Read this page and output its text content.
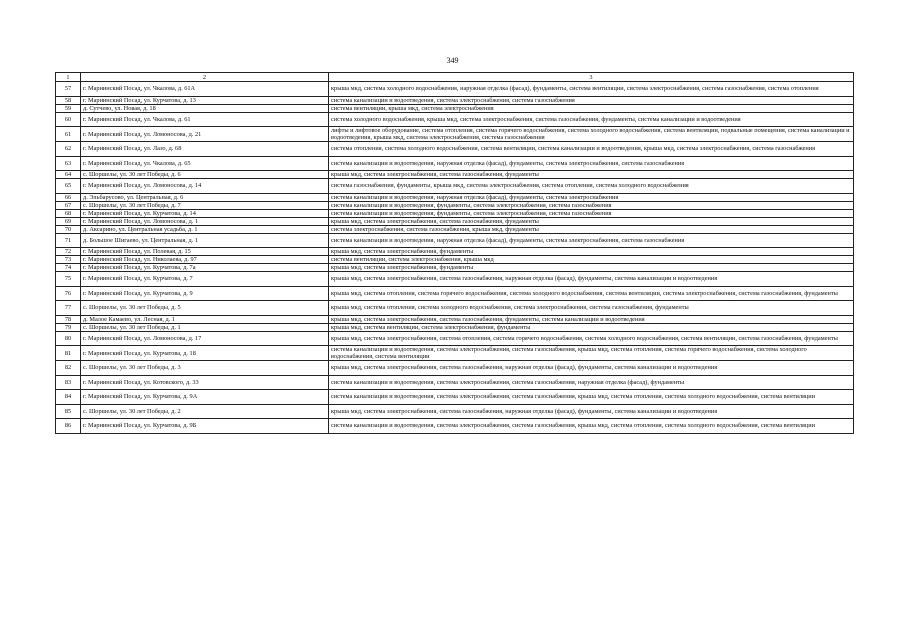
349
1	2	3
57	г. Мариинский Посад, ул. Чкалова, д. 61А	крыша мкд, система холодного водоснабжения, наружная отделка (фасад), фундаменты, система вентиляции, система электроснабжения, система газоснабжения, система отопления
58	г. Мариинский Посад, ул. Курчатова, д. 13	система канализации и водоотведения, система электроснабжения, система газоснабжения
59	д. Сутчево, ул. Новая, д. 18	система вентиляции, крыша мкд, система электроснабжения
60	г. Мариинский Посад, ул. Чкалова, д. 61	система холодного водоснабжения, крыша мкд, система электроснабжения, система газоснабжения, фундаменты, система канализации и водоотведения
61	г. Мариинский Посад, ул. Ломоносова, д. 21	лифты и лифтовое оборудование, система отопления, система горячего водоснабжения, система холодного водоснабжения, система вентиляции, подвальные помещения, система канализации и водоотведения, крыша мкд, система электроснабжения, система газоснабжения
62	г. Мариинский Посад, ул. Лазо, д. 68	система отопления, система холодного водоснабжения, система вентиляции, система канализации и водоотведения, крыша мкд, система электроснабжения, система газоснабжения
63	г. Мариинский Посад, ул. Чкалова, д. 65	система канализации и водоотведения, наружная отделка (фасад), фундаменты, система электроснабжения, система газоснабжения
64	с. Шоршелы, ул. 30 лет Победы, д. 6	крыша мкд, система электроснабжения, система газоснабжения, фундаменты
65	г. Мариинский Посад, ул. Ломоносова, д. 14	система газоснабжения, фундаменты, крыша мкд, система электроснабжения, система отопления, система холодного водоснабжения
66	д. Эльбарусово, ул. Центральная, д. 6	система канализации и водоотведения, наружная отделка (фасад), фундаменты, система электроснабжения
67	с. Шоршелы, ул. 30 лет Победы, д. 7	система канализации и водоотведения, фундаменты, система электроснабжения, система газоснабжения
68	г. Мариинский Посад, ул. Курчатова, д. 14	система канализации и водоотведения, фундаменты, система электроснабжения, система газоснабжения
69	г. Мариинский Посад, ул. Ломоносова, д. 1	крыша мкд, система электроснабжения, система газоснабжения, фундаменты
70	д. Аксарино, ул. Центральная усадьба, д. 1	система электроснабжения, система газоснабжения, крыша мкд, фундаменты
71	д. Большое Шигаево, ул. Центральная, д. 1	система канализации и водоотведения, наружная отделка (фасад), фундаменты, система электроснабжения, система газоснабжения
72	г. Мариинский Посад, ул. Полевая, д. 15	крыша мкд, система электроснабжения, фундаменты
73	г. Мариинский Посад, ул. Николаева, д. 97	система вентиляции, система электроснабжения, крыша мкд
74	г. Мариинский Посад, ул. Курчатова, д. 7а	крыша мкд, система электроснабжения, фундаменты
75	г. Мариинский Посад, ул. Курчатова, д. 7	крыша мкд, система электроснабжения, система газоснабжения, наружная отделка (фасад), фундаменты, система канализации и водоотведения
76	г. Мариинский Посад, ул. Курчатова, д. 9	крыша мкд, система отопления, система горячего водоснабжения, система холодного водоснабжения, система вентиляции, система электроснабжения, система газоснабжения, фундаменты
77	с. Шоршелы, ул. 30 лет Победы, д. 5	крыша мкд, система отопления, система холодного водоснабжения, система электроснабжения, система газоснабжения, фундаменты
78	д. Малое Камаево, ул. Лесная, д. 1	крыша мкд, система электроснабжения, система газоснабжения, фундаменты, система канализации и водоотведения
79	с. Шоршелы, ул. 30 лет Победы, д. 1	крыша мкд, система вентиляции, система электроснабжения, фундаменты
80	г. Мариинский Посад, ул. Ломоносова, д. 17	крыша мкд, система электроснабжения, система отопления, система горячего водоснабжения, система холодного водоснабжения, система вентиляции, система газоснабжения, фундаменты
81	г. Мариинский Посад, ул. Курчатова, д. 18	система канализации и водоотведения, система электроснабжения, система газоснабжения, крыша мкд, система отопления, система горячего водоснабжения, система холодного водоснабжения, система вентиляции
82	с. Шоршелы, ул. 30 лет Победы, д. 3	крыша мкд, система электроснабжения, система газоснабжения, наружная отделка (фасад), фундаменты, система канализации и водоотведения
83	г. Мариинский Посад, ул. Котовского, д. 33	система канализации и водоотведения, система электроснабжения, система газоснабжения, наружная отделка (фасад), фундаменты
84	г. Мариинский Посад, ул. Курчатова, д. 9А	система канализации и водоотведения, система электроснабжения, система газоснабжения, крыша мкд, система отопления, система холодного водоснабжения, система вентиляции
85	с. Шоршелы, ул. 30 лет Победы, д. 2	крыша мкд, система электроснабжения, система газоснабжения, наружная отделка (фасад), фундаменты, система канализации и водоотведения
86	г. Мариинский Посад, ул. Курчатова, д. 9Б	система канализации и водоотведения, система электроснабжения, система газоснабжения, крыша мкд, система отопления, система холодного водоснабжения, система вентиляции
